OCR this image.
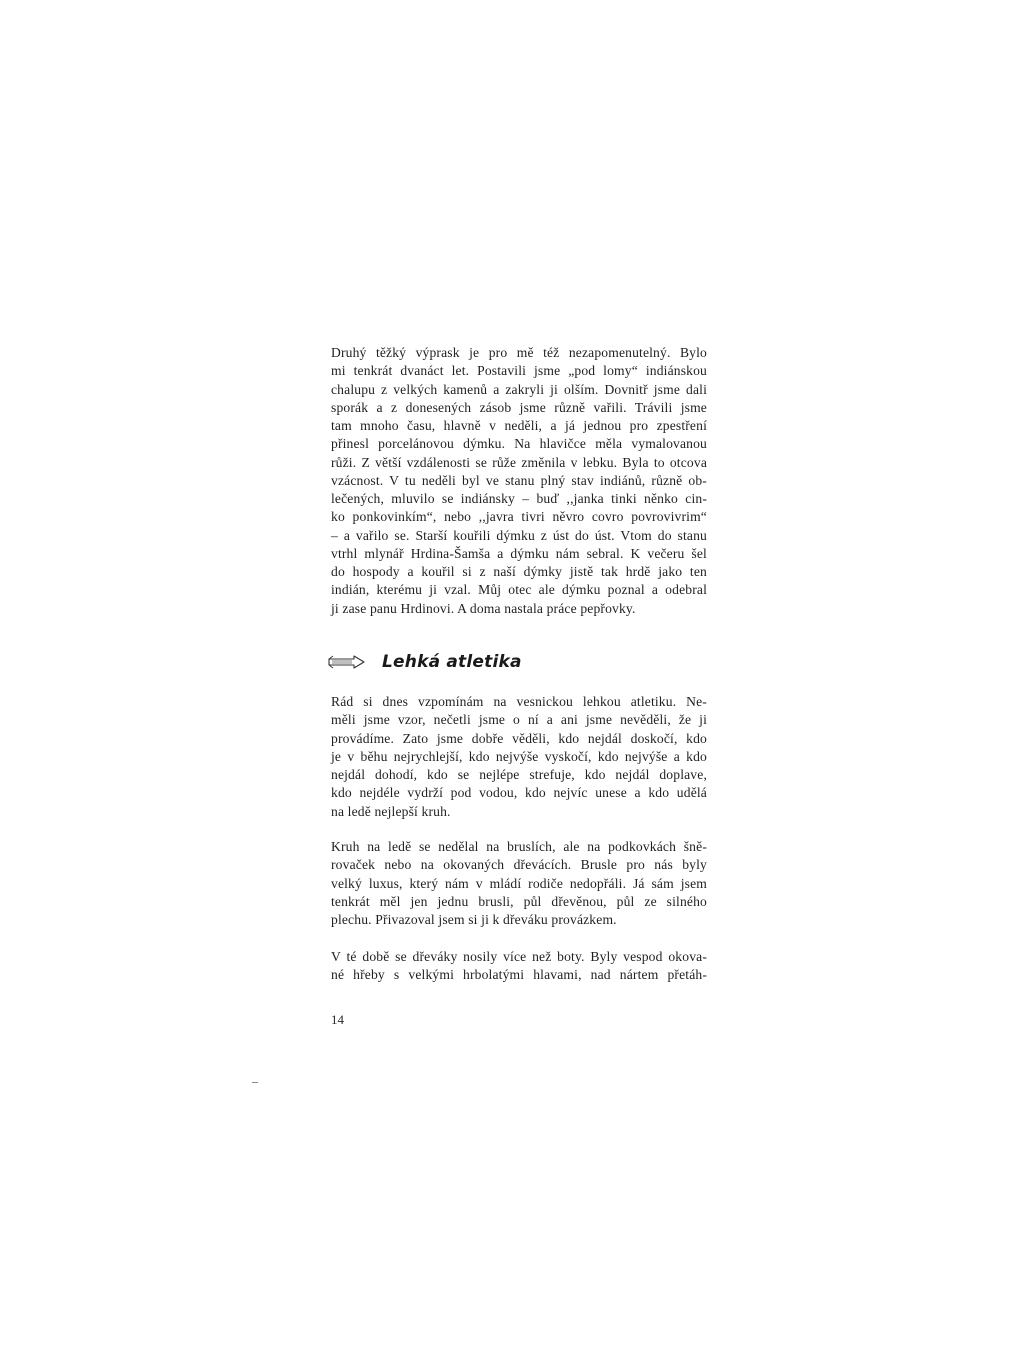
Druhý těžký výprask je pro mě též nezapomenutelný. Bylo
mi tenkrát dvanáct let. Postavili jsme „pod lomy“ indiánskou
chalupu z velkých kamenů a zakryli ji olším. Dovnitř jsme dali
sporák a z donesených zásob jsme různě vařili. Trávili jsme
tam mnoho času, hlavně v neděli, a já jednou pro zpestření
přinesl porcelánovou dýmku. Na hlavičce měla vymalovanou
růži. Z větší vzdálenosti se růže změnila v lebku. Byla to otcova
vzácnost. V tu neděli byl ve stanu plný stav indiánů, různě ob-
lečených, mluvilo se indiánsky – buď ,,janka tinki něnko cin-
ko ponkovinkím“, nebo ,,javra tivri něvro covro povrovivrim“
– a vařilo se. Starší kouřili dýmku z úst do úst. Vtom do stanu
vtrhl mlynář Hrdina-Šamša a dýmku nám sebral. K večeru šel
do hospody a kouřil si z naší dýmky jistě tak hrdě jako ten
indián, kterému ji vzal. Můj otec ale dýmku poznal a odebral
ji zase panu Hrdinovi. A doma nastala práce pepřovky.
Lehká atletika
Rád si dnes vzpomínám na vesnickou lehkou atletiku. Ne-
měli jsme vzor, nečetli jsme o ní a ani jsme nevěděli, že ji
provádíme. Zato jsme dobře věděli, kdo nejdál doskočí, kdo
je v běhu nejrychlejší, kdo nejvýše vyskočí, kdo nejvýše a kdo
nejdál dohodí, kdo se nejlépe strefuje, kdo nejdál doplave,
kdo nejdéle vydrží pod vodou, kdo nejvíc unese a kdo udělá
na ledě nejlepší kruh.
Kruh na ledě se nedělal na bruslích, ale na podkovkách šně-
rovaček nebo na okovaných dřevácích. Brusle pro nás byly
velký luxus, který nám v mládí rodiče nedopřáli. Já sám jsem
tenkrát měl jen jednu brusli, půl dřevěnou, půl ze silného
plechu. Přivazoval jsem si ji k dřeváku provázkem.
V té době se dřeváky nosily více než boty. Byly vespod okova-
né hřeby s velkými hrbolatými hlavami, nad nártem přetáh-
14
